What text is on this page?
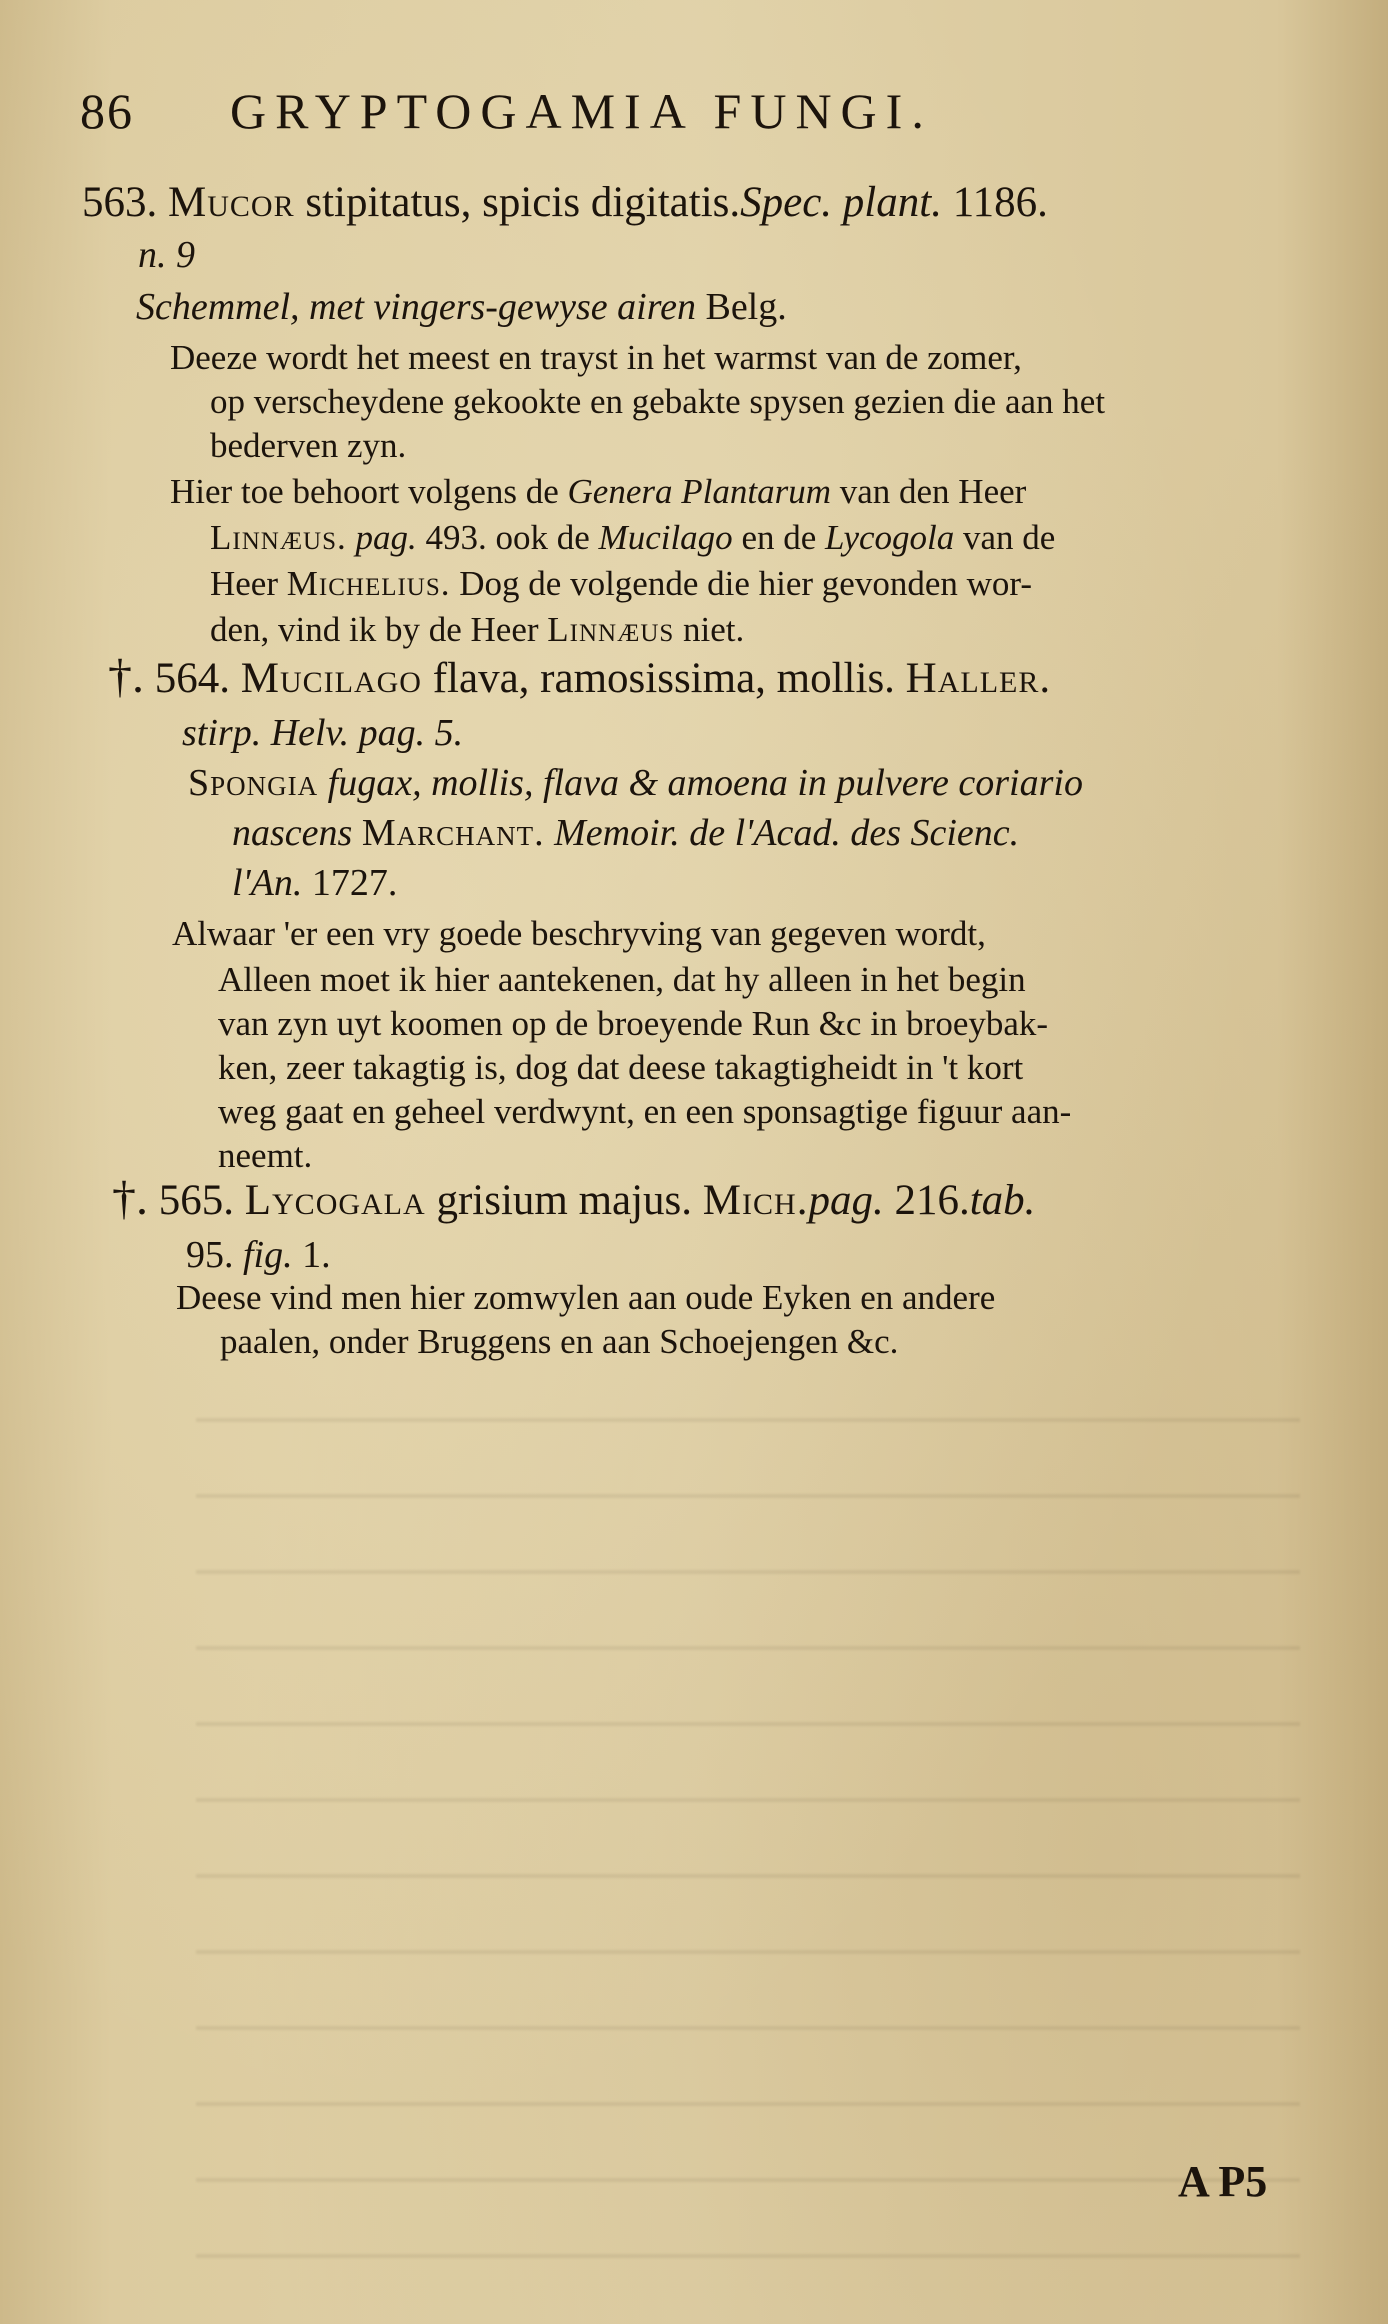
86 GRYPTOGAMIA FUNGI.
563. Mucor stipitatus, spicis digitatis.Spec. plant. 1186.
n. 9
Schemmel, met vingers-gewyse airen Belg.
Deeze wordt het meest en trayst in het warmst van de zomer,
op verscheydene gekookte en gebakte spysen gezien die aan het
bederven zyn.
Hier toe behoort volgens de Genera Plantarum van den Heer
Linnæus. pag. 493. ook de Mucilago en de Lycogola van de
Heer Michelius. Dog de volgende die hier gevonden wor-
den, vind ik by de Heer Linnæus niet.
†. 564. Mucilago flava, ramosissima, mollis. Haller.
stirp. Helv. pag. 5.
Spongia fugax, mollis, flava & amoena in pulvere coriario
nascens Marchant. Memoir. de l'Acad. des Scienc.
l'An. 1727.
Alwaar 'er een vry goede beschryving van gegeven wordt,
Alleen moet ik hier aantekenen, dat hy alleen in het begin
van zyn uyt koomen op de broeyende Run &c in broeybak-
ken, zeer takagtig is, dog dat deese takagtigheidt in 't kort
weg gaat en geheel verdwynt, en een sponsagtige figuur aan-
neemt.
†. 565. Lycogala grisium majus. Mich.pag. 216.tab.
95. fig. 1.
Deese vind men hier zomwylen aan oude Eyken en andere
paalen, onder Bruggens en aan Schoejengen &c.
A P5
